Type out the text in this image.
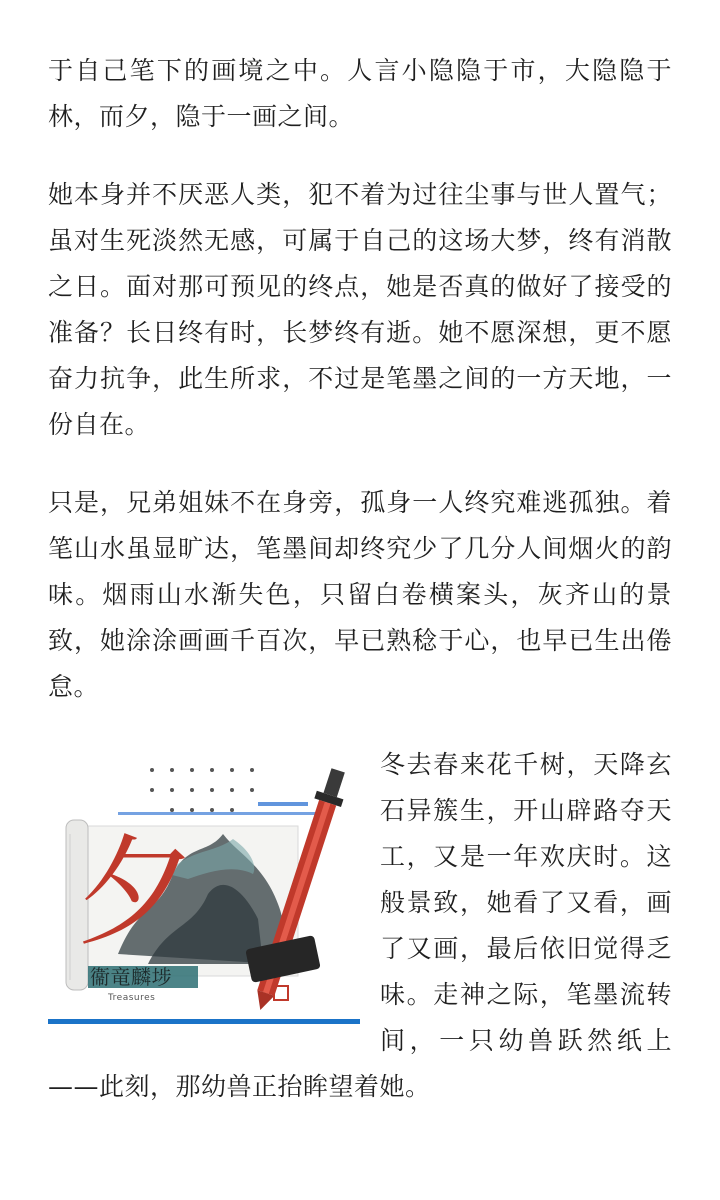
于自己笔下的画境之中。人言小隐隐于市，大隐隐于林，而夕，隐于一画之间。

她本身并不厌恶人类，犯不着为过往尘事与世人置气；虽对生死淡然无感，可属于自己的这场大梦，终有消散之日。面对那可预见的终点，她是否真的做好了接受的准备？长日终有时，长梦终有逝。她不愿深想，更不愿奋力抗争，此生所求，不过是笔墨之间的一方天地，一份自在。

只是，兄弟姐妹不在身旁，孤身一人终究难逃孤独。着笔山水虽显旷达，笔墨间却终究少了几分人间烟火的韵味。烟雨山水渐失色，只留白卷横案头，灰齐山的景致，她涂涂画画千百次，早已熟稔于心，也早已生出倦怠。

夕
衞竜麟埗
Treasures

冬去春来花千树，天降玄石异簇生，开山辟路夺天工，又是一年欢庆时。这般景致，她看了又看，画了又画，最后依旧觉得乏味。走神之际，笔墨流转间，一只幼兽跃然纸上——此刻，那幼兽正抬眸望着她。
